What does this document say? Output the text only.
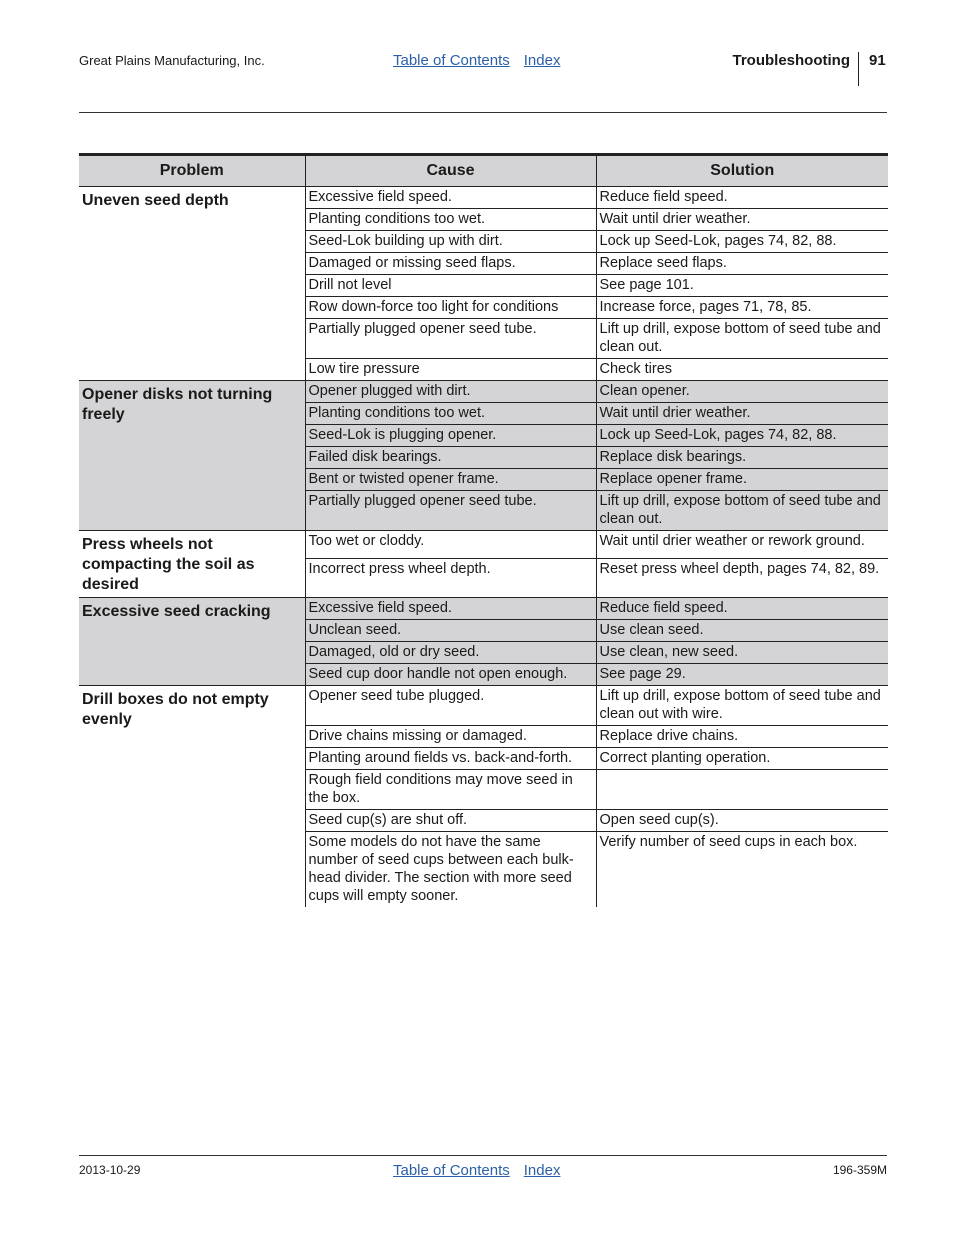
Great Plains Manufacturing, Inc.	Table of Contents Index	Troubleshooting 91
Problem	Cause	Solution
Uneven seed depth	Excessive field speed.	Reduce field speed.
	Planting conditions too wet.	Wait until drier weather.
	Seed-Lok building up with dirt.	Lock up Seed-Lok, pages 74, 82, 88.
	Damaged or missing seed flaps.	Replace seed flaps.
	Drill not level	See page 101.
	Row down-force too light for conditions	Increase force, pages 71, 78, 85.
	Partially plugged opener seed tube.	Lift up drill, expose bottom of seed tube and clean out.
	Low tire pressure	Check tires
Opener disks not turning freely	Opener plugged with dirt.	Clean opener.
	Planting conditions too wet.	Wait until drier weather.
	Seed-Lok is plugging opener.	Lock up Seed-Lok, pages 74, 82, 88.
	Failed disk bearings.	Replace disk bearings.
	Bent or twisted opener frame.	Replace opener frame.
	Partially plugged opener seed tube.	Lift up drill, expose bottom of seed tube and clean out.
Press wheels not compacting the soil as desired	Too wet or cloddy.	Wait until drier weather or rework ground.
	Incorrect press wheel depth.	Reset press wheel depth, pages 74, 82, 89.
Excessive seed cracking	Excessive field speed.	Reduce field speed.
	Unclean seed.	Use clean seed.
	Damaged, old or dry seed.	Use clean, new seed.
	Seed cup door handle not open enough.	See page 29.
Drill boxes do not empty evenly	Opener seed tube plugged.	Lift up drill, expose bottom of seed tube and clean out with wire.
	Drive chains missing or damaged.	Replace drive chains.
	Planting around fields vs. back-and-forth.	Correct planting operation.
	Rough field conditions may move seed in the box.	
	Seed cup(s) are shut off.	Open seed cup(s).
	Some models do not have the same number of seed cups between each bulk-head divider. The section with more seed cups will empty sooner.	Verify number of seed cups in each box.
2013-10-29	Table of Contents Index	196-359M
